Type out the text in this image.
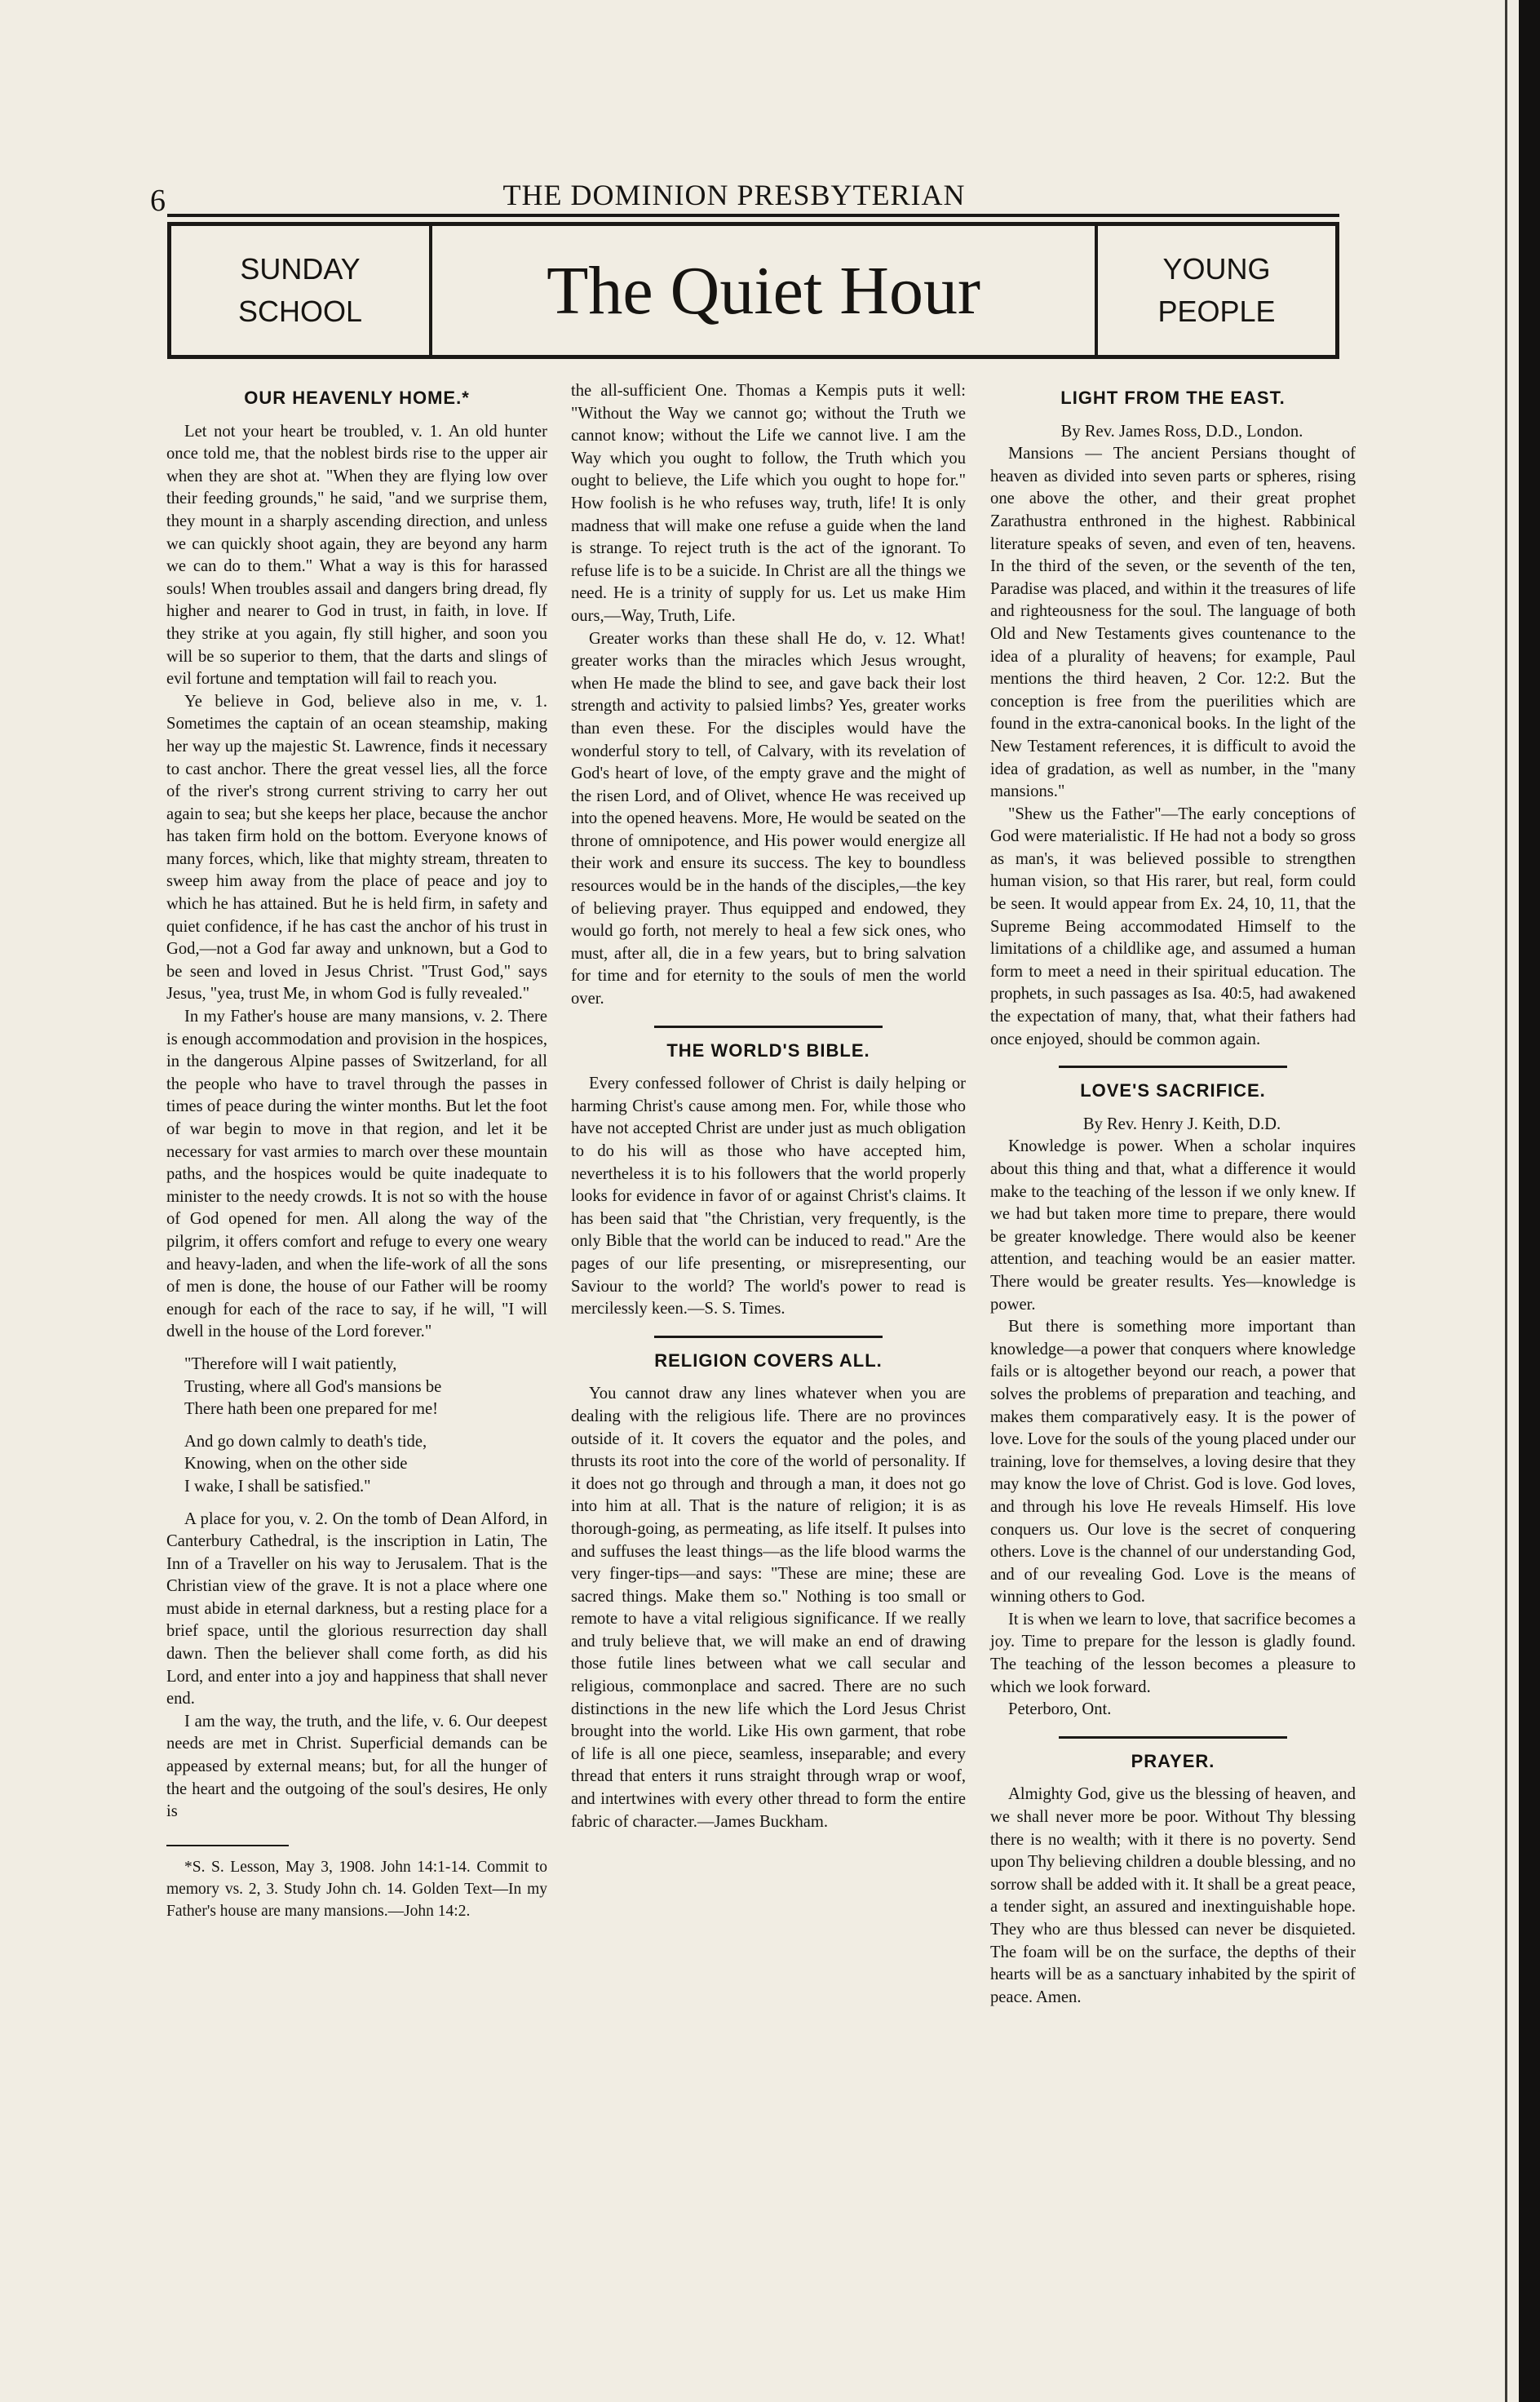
6	THE DOMINION PRESBYTERIAN
SUNDAY
SCHOOL	The Quiet Hour	YOUNG
PEOPLE
OUR HEAVENLY HOME.*

Let not your heart be troubled, v. 1. An old hunter once told me, that the noblest birds rise to the upper air when they are shot at. "When they are flying low over their feeding grounds," he said, "and we surprise them, they mount in a sharply ascending direction, and unless we can quickly shoot again, they are beyond any harm we can do to them." What a way is this for harassed souls! When troubles assail and dangers bring dread, fly higher and nearer to God in trust, in faith, in love. If they strike at you again, fly still higher, and soon you will be so superior to them, that the darts and slings of evil fortune and temptation will fail to reach you.

Ye believe in God, believe also in me, v. 1. Sometimes the captain of an ocean steamship, making her way up the majestic St. Lawrence, finds it necessary to cast anchor. There the great vessel lies, all the force of the river's strong current striving to carry her out again to sea; but she keeps her place, because the anchor has taken firm hold on the bottom. Everyone knows of many forces, which, like that mighty stream, threaten to sweep him away from the place of peace and joy to which he has attained. But he is held firm, in safety and quiet confidence, if he has cast the anchor of his trust in God,—not a God far away and unknown, but a God to be seen and loved in Jesus Christ. "Trust God," says Jesus, "yea, trust Me, in whom God is fully revealed."

In my Father's house are many mansions, v. 2. There is enough accommodation and provision in the hospices, in the dangerous Alpine passes of Switzerland, for all the people who have to travel through the passes in times of peace during the winter months. But let the foot of war begin to move in that region, and let it be necessary for vast armies to march over these mountain paths, and the hospices would be quite inadequate to minister to the needy crowds. It is not so with the house of God opened for men. All along the way of the pilgrim, it offers comfort and refuge to every one weary and heavy-laden, and when the life-work of all the sons of men is done, the house of our Father will be roomy enough for each of the race to say, if he will, "I will dwell in the house of the Lord forever."

"Therefore will I wait patiently,
Trusting, where all God's mansions be
There hath been one prepared for me!
And go down calmly to death's tide,
Knowing, when on the other side
I wake, I shall be satisfied."

A place for you, v. 2. On the tomb of Dean Alford, in Canterbury Cathedral, is the inscription in Latin, The Inn of a Traveller on his way to Jerusalem. That is the Christian view of the grave. It is not a place where one must abide in eternal darkness, but a resting place for a brief space, until the glorious resurrection day shall dawn. Then the believer shall come forth, as did his Lord, and enter into a joy and happiness that shall never end.

I am the way, the truth, and the life, v. 6. Our deepest needs are met in Christ. Superficial demands can be appeased by external means; but, for all the hunger of the heart and the outgoing of the soul's desires, He only is

*S. S. Lesson, May 3, 1908. John 14:1-14. Commit to memory vs. 2, 3. Study John ch. 14. Golden Text—In my Father's house are many mansions.—John 14:2.

the all-sufficient One. Thomas a Kempis puts it well: "Without the Way we cannot go; without the Truth we cannot know; without the Life we cannot live. I am the Way which you ought to follow, the Truth which you ought to believe, the Life which you ought to hope for." How foolish is he who refuses way, truth, life! It is only madness that will make one refuse a guide when the land is strange. To reject truth is the act of the ignorant. To refuse life is to be a suicide. In Christ are all the things we need. He is a trinity of supply for us. Let us make Him ours,—Way, Truth, Life.

Greater works than these shall He do, v. 12. What! greater works than the miracles which Jesus wrought, when He made the blind to see, and gave back their lost strength and activity to palsied limbs? Yes, greater works than even these. For the disciples would have the wonderful story to tell, of Calvary, with its revelation of God's heart of love, of the empty grave and the might of the risen Lord, and of Olivet, whence He was received up into the opened heavens. More, He would be seated on the throne of omnipotence, and His power would energize all their work and ensure its success. The key to boundless resources would be in the hands of the disciples,—the key of believing prayer. Thus equipped and endowed, they would go forth, not merely to heal a few sick ones, who must, after all, die in a few years, but to bring salvation for time and for eternity to the souls of men the world over.

THE WORLD'S BIBLE.

Every confessed follower of Christ is daily helping or harming Christ's cause among men. For, while those who have not accepted Christ are under just as much obligation to do his will as those who have accepted him, nevertheless it is to his followers that the world properly looks for evidence in favor of or against Christ's claims. It has been said that "the Christian, very frequently, is the only Bible that the world can be induced to read." Are the pages of our life presenting, or misrepresenting, our Saviour to the world? The world's power to read is mercilessly keen.—S. S. Times.

RELIGION COVERS ALL.

You cannot draw any lines whatever when you are dealing with the religious life. There are no provinces outside of it. It covers the equator and the poles, and thrusts its root into the core of the world of personality. If it does not go through and through a man, it does not go into him at all. That is the nature of religion; it is as thorough-going, as permeating, as life itself. It pulses into and suffuses the least things—as the life blood warms the very finger-tips—and says: "These are mine; these are sacred things. Make them so." Nothing is too small or remote to have a vital religious significance. If we really and truly believe that, we will make an end of drawing those futile lines between what we call secular and religious, commonplace and sacred. There are no such distinctions in the new life which the Lord Jesus Christ brought into the world. Like His own garment, that robe of life is all one piece, seamless, inseparable; and every thread that enters it runs straight through wrap or woof, and intertwines with every other thread to form the entire fabric of character.—James Buckham.

LIGHT FROM THE EAST.

By Rev. James Ross, D.D., London.

Mansions — The ancient Persians thought of heaven as divided into seven parts or spheres, rising one above the other, and their great prophet Zarathustra enthroned in the highest. Rabbinical literature speaks of seven, and even of ten, heavens. In the third of the seven, or the seventh of the ten, Paradise was placed, and within it the treasures of life and righteousness for the soul. The language of both Old and New Testaments gives countenance to the idea of a plurality of heavens; for example, Paul mentions the third heaven, 2 Cor. 12:2. But the conception is free from the puerilities which are found in the extra-canonical books. In the light of the New Testament references, it is difficult to avoid the idea of gradation, as well as number, in the "many mansions."

"Shew us the Father"—The early conceptions of God were materialistic. If He had not a body so gross as man's, it was believed possible to strengthen human vision, so that His rarer, but real, form could be seen. It would appear from Ex. 24, 10, 11, that the Supreme Being accommodated Himself to the limitations of a childlike age, and assumed a human form to meet a need in their spiritual education. The prophets, in such passages as Isa. 40:5, had awakened the expectation of many, that, what their fathers had once enjoyed, should be common again.

LOVE'S SACRIFICE.

By Rev. Henry J. Keith, D.D.

Knowledge is power. When a scholar inquires about this thing and that, what a difference it would make to the teaching of the lesson if we only knew. If we had but taken more time to prepare, there would be greater knowledge. There would also be keener attention, and teaching would be an easier matter. There would be greater results. Yes—knowledge is power.

But there is something more important than knowledge—a power that conquers where knowledge fails or is altogether beyond our reach, a power that solves the problems of preparation and teaching, and makes them comparatively easy. It is the power of love. Love for the souls of the young placed under our training, love for themselves, a loving desire that they may know the love of Christ. God is love. God loves, and through his love He reveals Himself. His love conquers us. Our love is the secret of conquering others. Love is the channel of our understanding God, and of our revealing God. Love is the means of winning others to God.

It is when we learn to love, that sacrifice becomes a joy. Time to prepare for the lesson is gladly found. The teaching of the lesson becomes a pleasure to which we look forward.

Peterboro, Ont.

PRAYER.

Almighty God, give us the blessing of heaven, and we shall never more be poor. Without Thy blessing there is no wealth; with it there is no poverty. Send upon Thy believing children a double blessing, and no sorrow shall be added with it. It shall be a great peace, a tender sight, an assured and inextinguishable hope. They who are thus blessed can never be disquieted. The foam will be on the surface, the depths of their hearts will be as a sanctuary inhabited by the spirit of peace. Amen.
